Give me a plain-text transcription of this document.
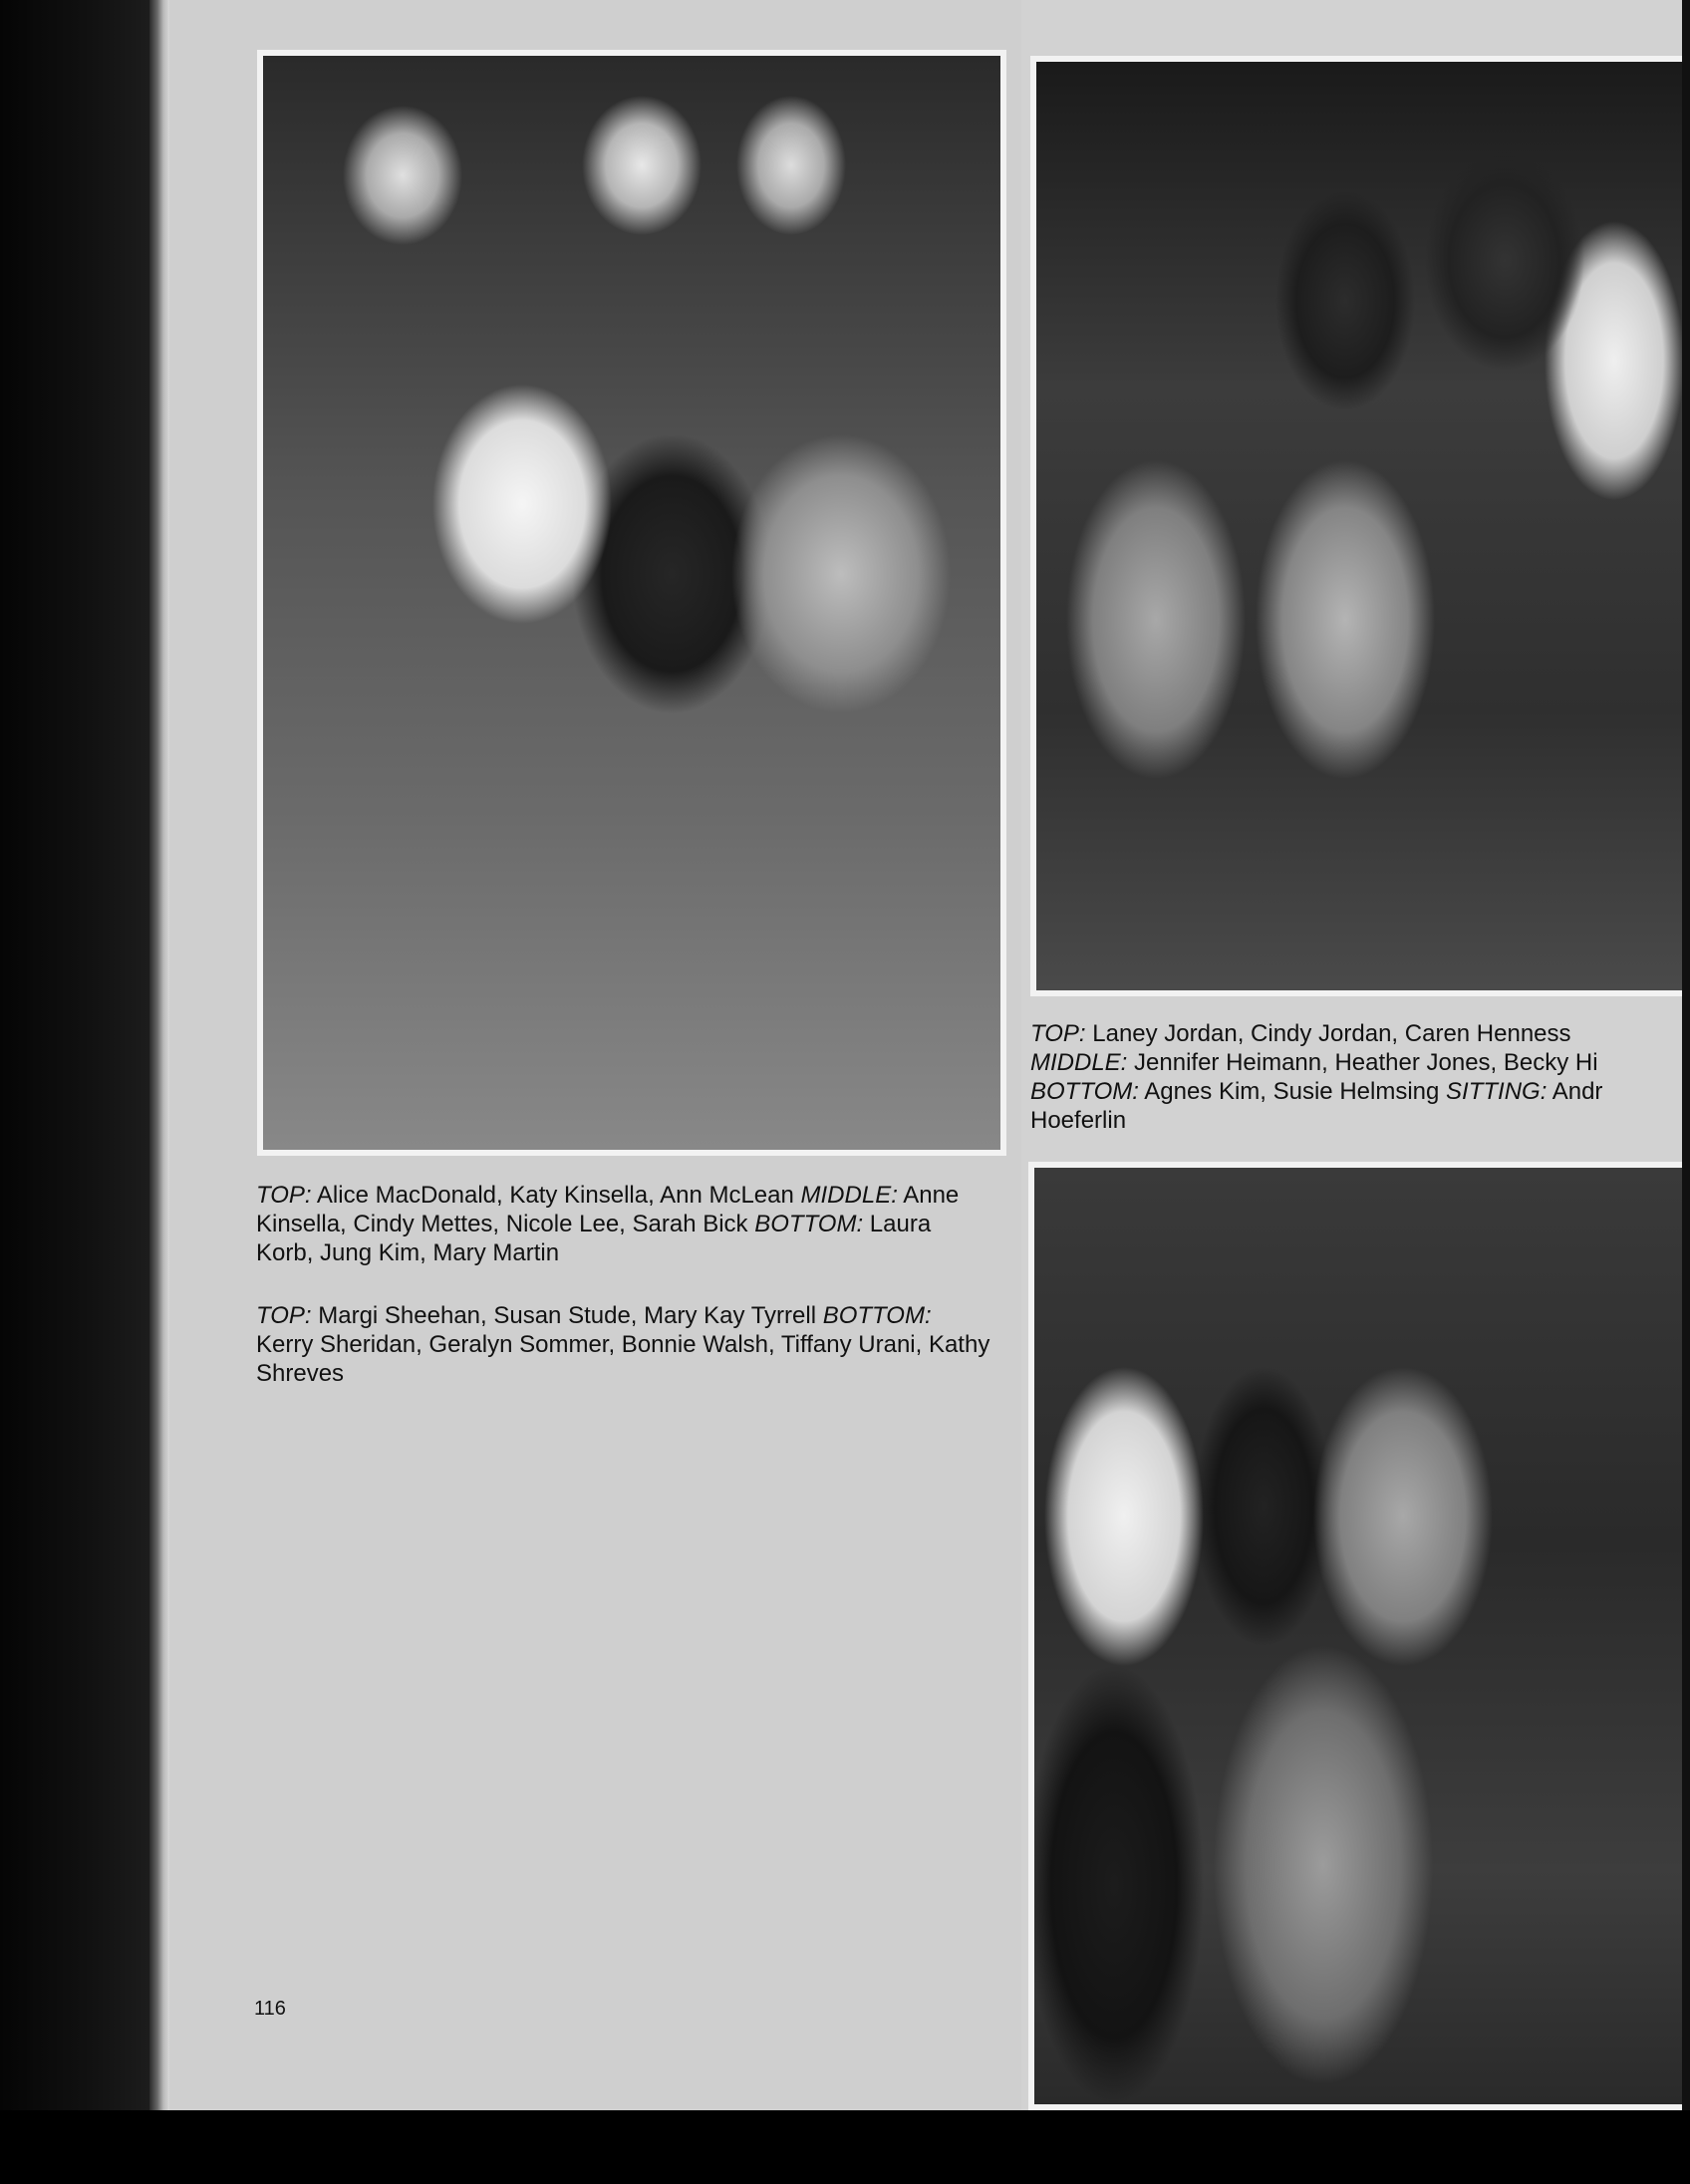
TOP: Alice MacDonald, Katy Kinsella, Ann McLean MIDDLE: Anne Kinsella, Cindy Mettes, Nicole Lee, Sarah Bick BOTTOM: Laura Korb, Jung Kim, Mary Martin
TOP: Margi Sheehan, Susan Stude, Mary Kay Tyrrell BOTTOM: Kerry Sheridan, Geralyn Sommer, Bonnie Walsh, Tiffany Urani, Kathy Shreves
TOP: Laney Jordan, Cindy Jordan, Caren Henness
MIDDLE: Jennifer Heimann, Heather Jones, Becky Hi
BOTTOM: Agnes Kim, Susie Helmsing SITTING: Andr
Hoeferlin
116
